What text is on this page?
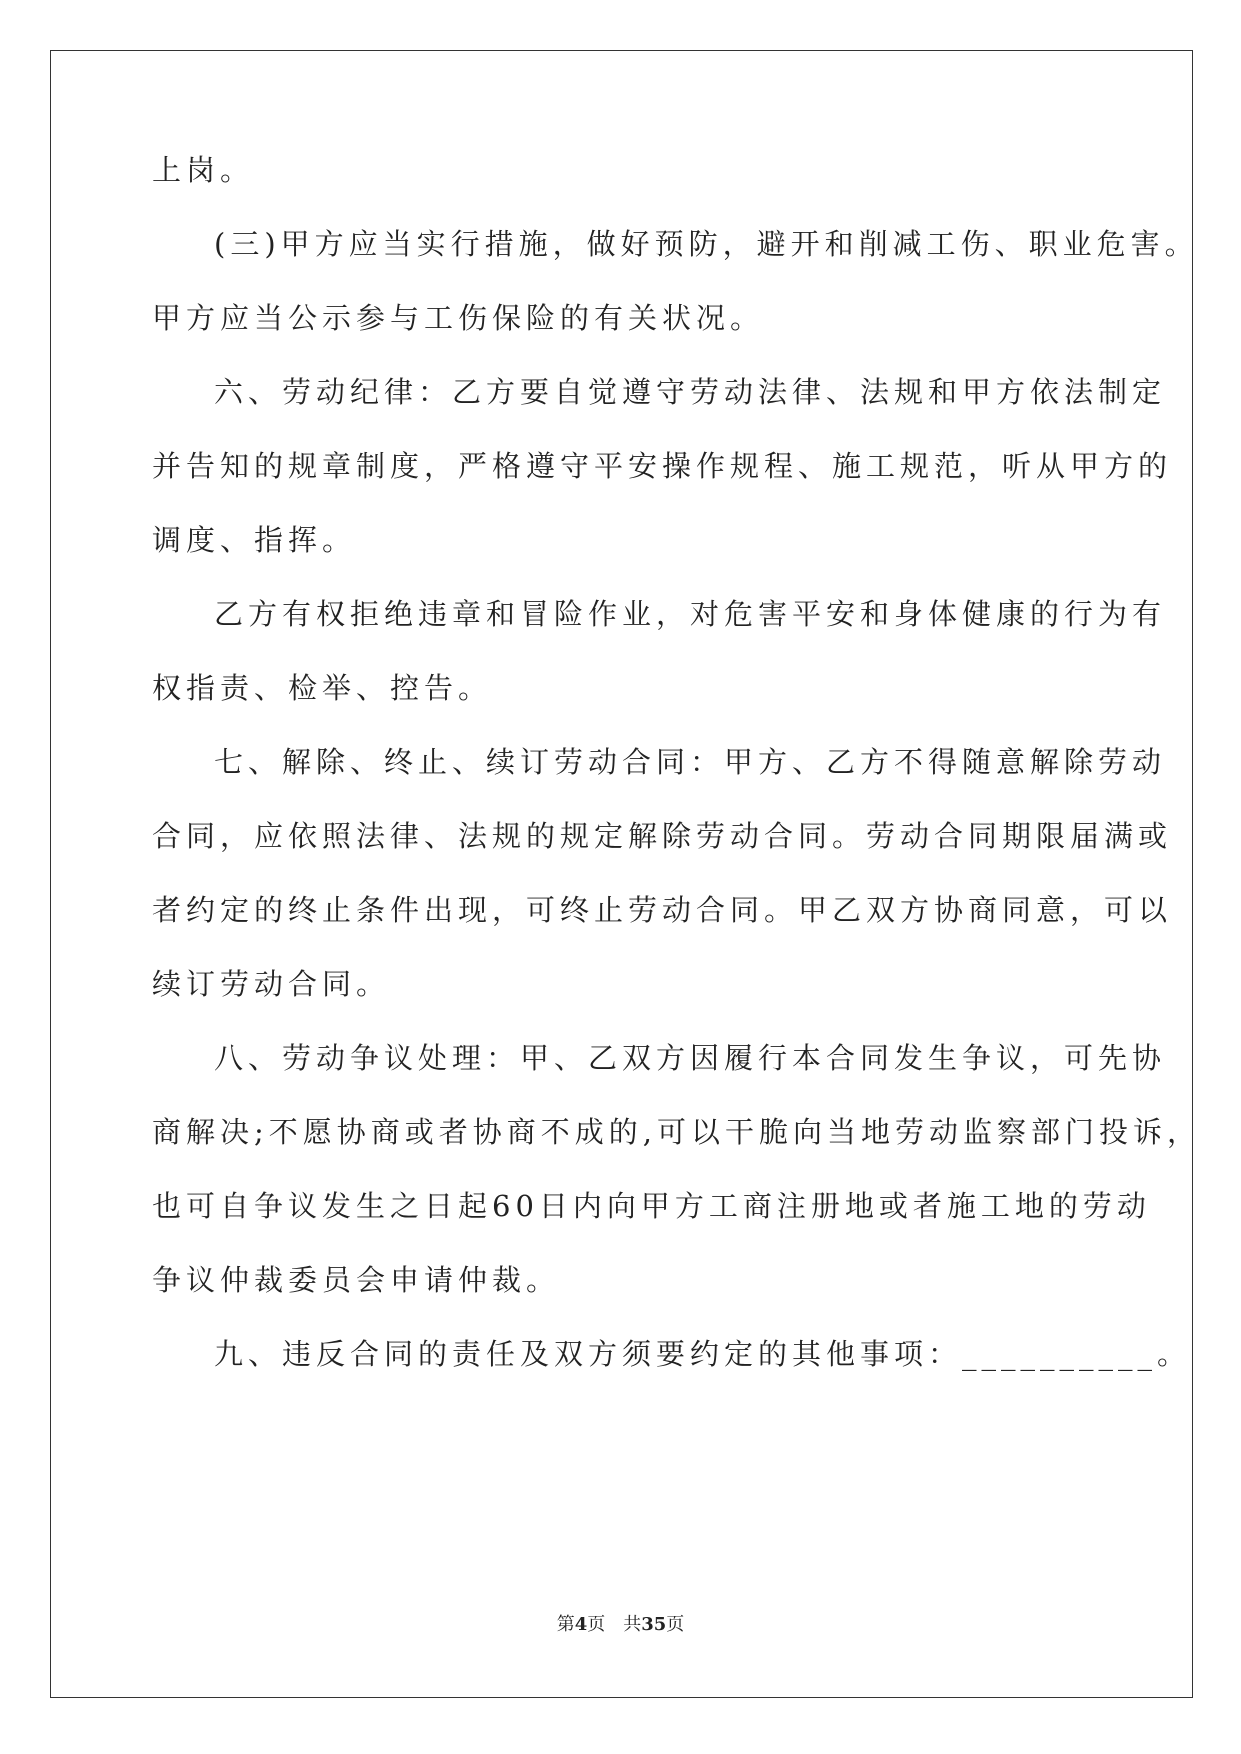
上岗。
(三)甲方应当实行措施，做好预防，避开和削减工伤、职业危害。
甲方应当公示参与工伤保险的有关状况。
六、劳动纪律：乙方要自觉遵守劳动法律、法规和甲方依法制定
并告知的规章制度，严格遵守平安操作规程、施工规范，听从甲方的
调度、指挥。
乙方有权拒绝违章和冒险作业，对危害平安和身体健康的行为有
权指责、检举、控告。
七、解除、终止、续订劳动合同：甲方、乙方不得随意解除劳动
合同，应依照法律、法规的规定解除劳动合同。劳动合同期限届满或
者约定的终止条件出现，可终止劳动合同。甲乙双方协商同意，可以
续订劳动合同。
八、劳动争议处理：甲、乙双方因履行本合同发生争议，可先协
商解决;不愿协商或者协商不成的,可以干脆向当地劳动监察部门投诉，
也可自争议发生之日起60日内向甲方工商注册地或者施工地的劳动
争议仲裁委员会申请仲裁。
九、违反合同的责任及双方须要约定的其他事项：__________。
第4页 共35页
